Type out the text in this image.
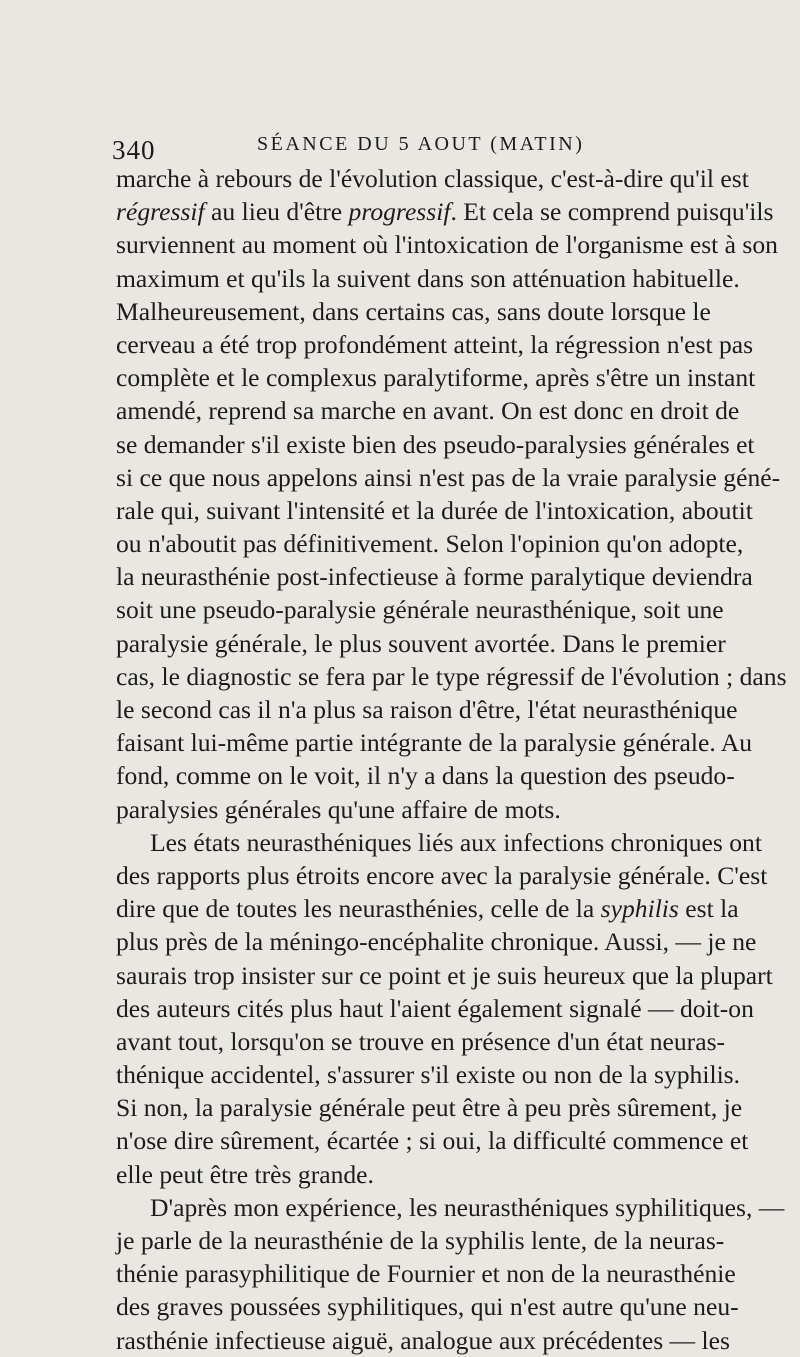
340	SÉANCE DU 5 AOUT (MATIN)
marche à rebours de l'évolution classique, c'est-à-dire qu'il est
régressif au lieu d'être progressif. Et cela se comprend puisqu'ils
surviennent au moment où l'intoxication de l'organisme est à son
maximum et qu'ils la suivent dans son atténuation habituelle.
Malheureusement, dans certains cas, sans doute lorsque le
cerveau a été trop profondément atteint, la régression n'est pas
complète et le complexus paralytiforme, après s'être un instant
amendé, reprend sa marche en avant. On est donc en droit de
se demander s'il existe bien des pseudo-paralysies générales et
si ce que nous appelons ainsi n'est pas de la vraie paralysie géné-
rale qui, suivant l'intensité et la durée de l'intoxication, aboutit
ou n'aboutit pas définitivement. Selon l'opinion qu'on adopte,
la neurasthénie post-infectieuse à forme paralytique deviendra
soit une pseudo-paralysie générale neurasthénique, soit une
paralysie générale, le plus souvent avortée. Dans le premier
cas, le diagnostic se fera par le type régressif de l'évolution ; dans
le second cas il n'a plus sa raison d'être, l'état neurasthénique
faisant lui-même partie intégrante de la paralysie générale. Au
fond, comme on le voit, il n'y a dans la question des pseudo-
paralysies générales qu'une affaire de mots.
Les états neurasthéniques liés aux infections chroniques ont
des rapports plus étroits encore avec la paralysie générale. C'est
dire que de toutes les neurasthénies, celle de la syphilis est la
plus près de la méningo-encéphalite chronique. Aussi, — je ne
saurais trop insister sur ce point et je suis heureux que la plupart
des auteurs cités plus haut l'aient également signalé — doit-on
avant tout, lorsqu'on se trouve en présence d'un état neuras-
thénique accidentel, s'assurer s'il existe ou non de la syphilis.
Si non, la paralysie générale peut être à peu près sûrement, je
n'ose dire sûrement, écartée ; si oui, la difficulté commence et
elle peut être très grande.
D'après mon expérience, les neurasthéniques syphilitiques, —
je parle de la neurasthénie de la syphilis lente, de la neuras-
thénie parasyphilitique de Fournier et non de la neurasthénie
des graves poussées syphilitiques, qui n'est autre qu'une neu-
rasthénie infectieuse aiguë, analogue aux précédentes — les
